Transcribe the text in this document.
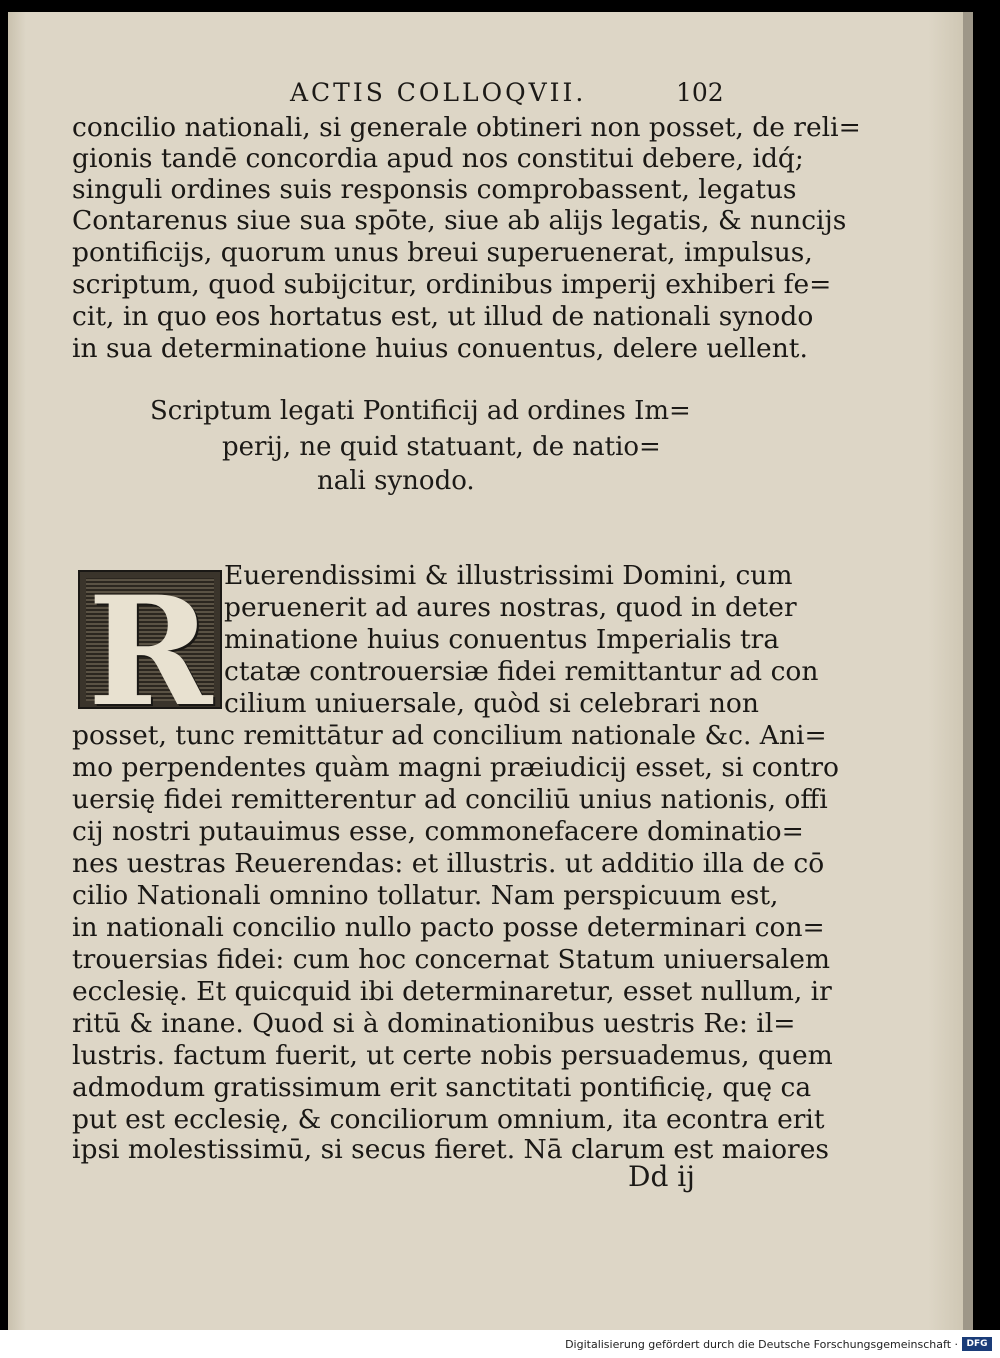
ACTIS COLLOQVII.	102
concilio nationali, si generale obtineri non posset, de reli=
gionis tandē concordia apud nos constitui debere, idq́;
singuli ordines suis responsis comprobassent, legatus
Contarenus siue sua spōte, siue ab alijs legatis, & nuncijs
pontificijs, quorum unus breui superuenerat, impulsus,
scriptum, quod subijcitur, ordinibus imperij exhiberi fe=
cit, in quo eos hortatus est, ut illud de nationali synodo
in sua determinatione huius conuentus, delere uellent.
Scriptum legati Pontificij ad ordines Im=
perij, ne quid statuant, de natio=
nali synodo.
R Euerendissimi & illustrissimi Domini, cum
peruenerit ad aures nostras, quod in deter
minatione huius conuentus Imperialis tra
ctatæ controuersiæ fidei remittantur ad con
cilium uniuersale, quòd si celebrari non
posset, tunc remittātur ad concilium nationale &c. Ani=
mo perpendentes quàm magni præiudicij esset, si contro
uersię fidei remitterentur ad conciliū unius nationis, offi
cij nostri putauimus esse, commonefacere dominatio=
nes uestras Reuerendas: et illustris. ut additio illa de cō
cilio Nationali omnino tollatur. Nam perspicuum est,
in nationali concilio nullo pacto posse determinari con=
trouersias fidei: cum hoc concernat Statum uniuersalem
ecclesię. Et quicquid ibi determinaretur, esset nullum, ir
ritū & inane. Quod si à dominationibus uestris Re: il=
lustris. factum fuerit, ut certe nobis persuademus, quem
admodum gratissimum erit sanctitati pontificię, quę ca
put est ecclesię, & conciliorum omnium, ita econtra erit
ipsi molestissimū, si secus fieret. Nā clarum est maiores
Dd ij
Digitalisierung gefördert durch die Deutsche Forschungsgemeinschaft · DFG
